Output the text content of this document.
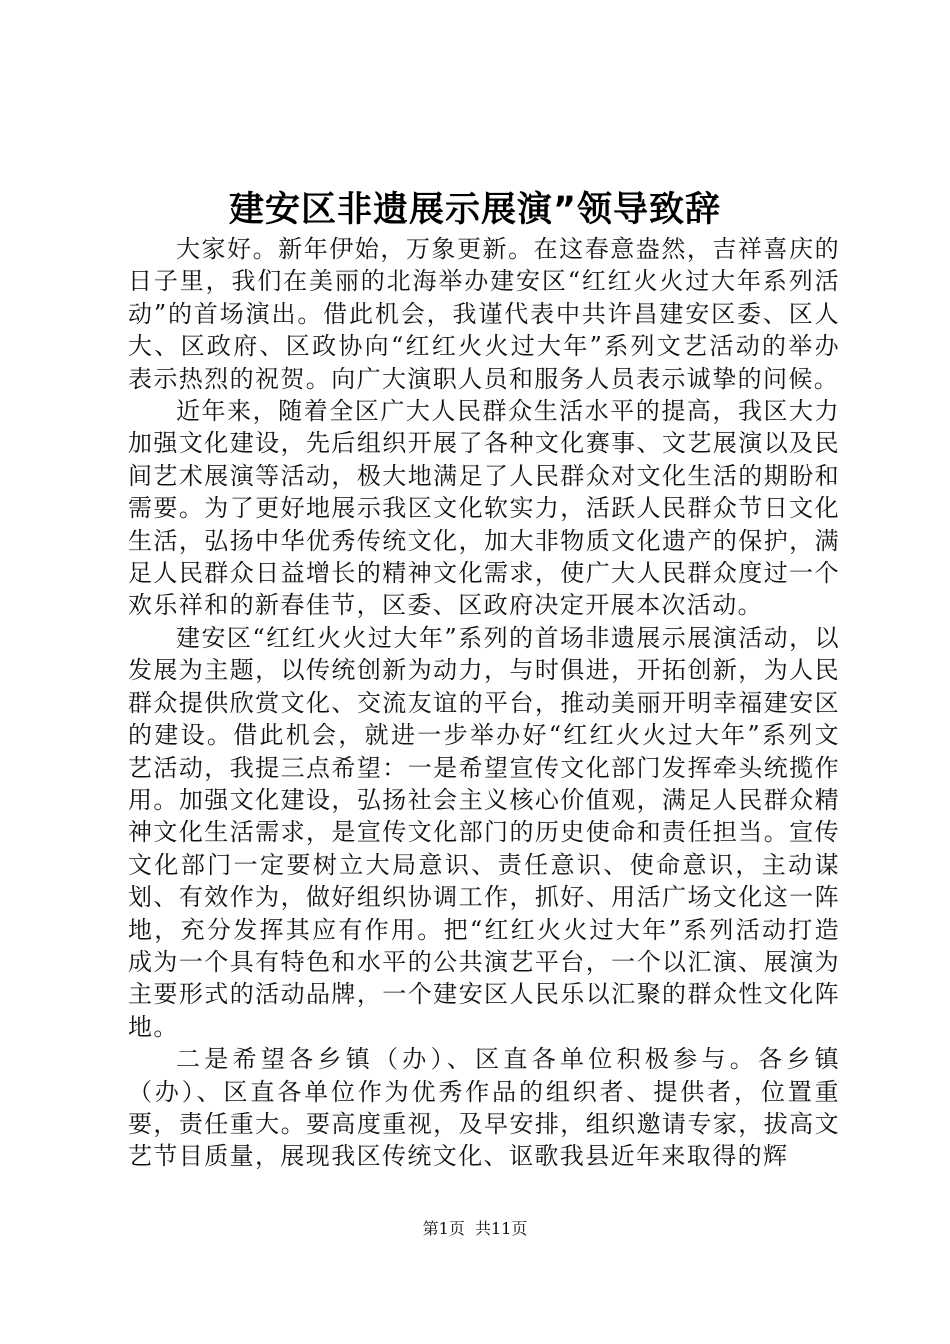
建安区非遗展示展演”领导致辞

大家好。新年伊始，万象更新。在这春意盎然，吉祥喜庆的日子里，我们在美丽的北海举办建安区“红红火火过大年系列活动”的首场演出。借此机会，我谨代表中共许昌建安区委、区人大、区政府、区政协向“红红火火过大年”系列文艺活动的举办表示热烈的祝贺。向广大演职人员和服务人员表示诚挚的问候。

近年来，随着全区广大人民群众生活水平的提高，我区大力加强文化建设，先后组织开展了各种文化赛事、文艺展演以及民间艺术展演等活动，极大地满足了人民群众对文化生活的期盼和需要。为了更好地展示我区文化软实力，活跃人民群众节日文化生活，弘扬中华优秀传统文化，加大非物质文化遗产的保护，满足人民群众日益增长的精神文化需求，使广大人民群众度过一个欢乐祥和的新春佳节，区委、区政府决定开展本次活动。

建安区“红红火火过大年”系列的首场非遗展示展演活动，以发展为主题，以传统创新为动力，与时俱进，开拓创新，为人民群众提供欣赏文化、交流友谊的平台，推动美丽开明幸福建安区的建设。借此机会，就进一步举办好“红红火火过大年”系列文艺活动，我提三点希望：一是希望宣传文化部门发挥牵头统揽作用。加强文化建设，弘扬社会主义核心价值观，满足人民群众精神文化生活需求，是宣传文化部门的历史使命和责任担当。宣传文化部门一定要树立大局意识、责任意识、使命意识，主动谋划、有效作为，做好组织协调工作，抓好、用活广场文化这一阵地，充分发挥其应有作用。把“红红火火过大年”系列活动打造成为一个具有特色和水平的公共演艺平台，一个以汇演、展演为主要形式的活动品牌，一个建安区人民乐以汇聚的群众性文化阵地。

二是希望各乡镇（办）、区直各单位积极参与。各乡镇（办）、区直各单位作为优秀作品的组织者、提供者，位置重要，责任重大。要高度重视，及早安排，组织邀请专家，拔高文艺节目质量，展现我区传统文化、讴歌我县近年来取得的辉

第1页  共11页
